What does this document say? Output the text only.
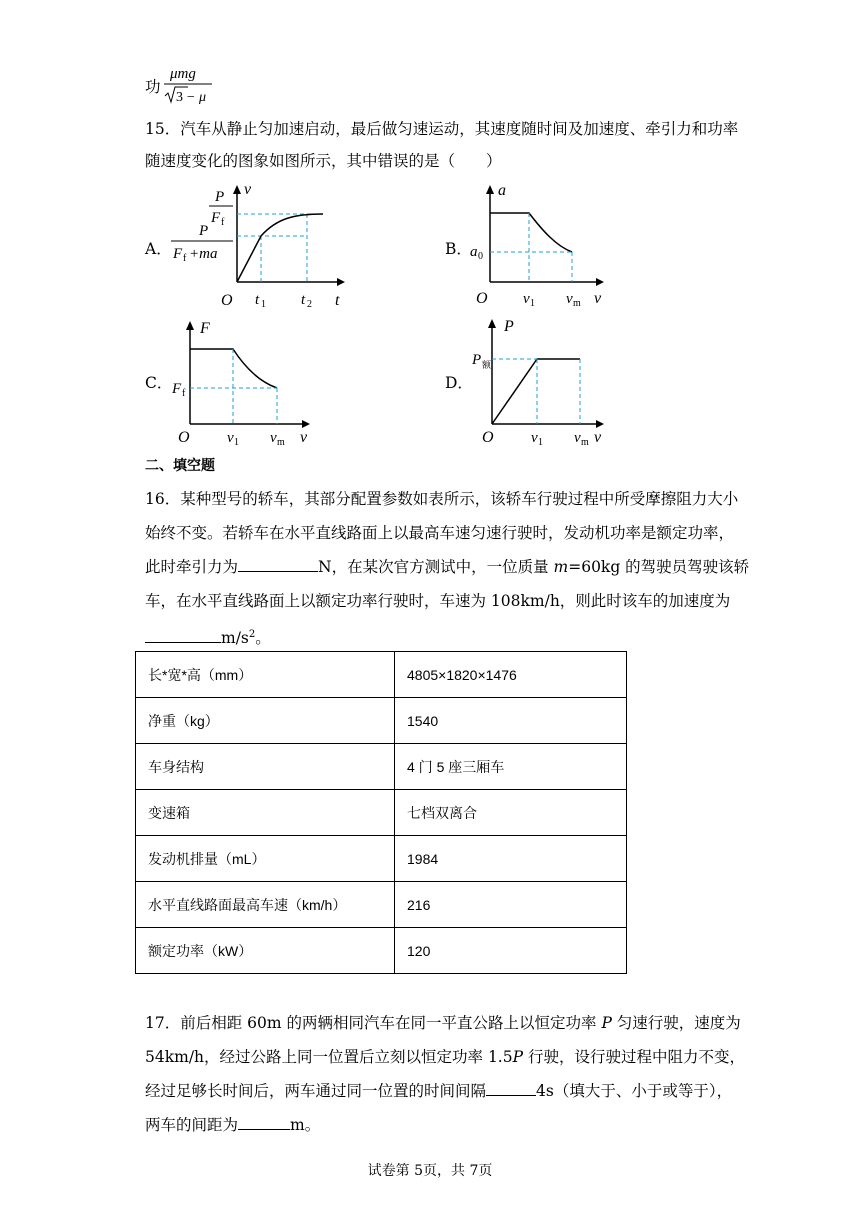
功
μmg
3 − μ
15．汽车从静止匀加速启动，最后做匀速运动，其速度随时间及加速度、牵引力和功率
随速度变化的图象如图所示，其中错误的是（　　）
A．
v
t
O
P
F f
P
F f +ma
t 1 t 2
B．
a
v
O
a 0
v 1 v m
C．
F
v
O
F f
v 1 v m
D．
P
v
O
P 额
v 1 v m
二、填空题
16．某种型号的轿车，其部分配置参数如表所示，该轿车行驶过程中所受摩擦阻力大小
始终不变。若轿车在水平直线路面上以最高车速匀速行驶时，发动机功率是额定功率，
此时牵引力为	N，在某次官方测试中，一位质量 m=60kg 的驾驶员驾驶该轿
车，在水平直线路面上以额定功率行驶时，车速为 108km/h，则此时该车的加速度为
$m/s^2$。
长*宽*高（mm）	4805×1820×1476
净重（kg）	1540
车身结构	4 门 5 座三厢车
变速箱	七档双离合
发动机排量（mL）	1984
水平直线路面最高车速（km/h）	216
额定功率（kW）	120
17．前后相距 60m 的两辆相同汽车在同一平直公路上以恒定功率 P 匀速行驶，速度为
54km/h，经过公路上同一位置后立刻以恒定功率 1.5P 行驶，设行驶过程中阻力不变，
经过足够长时间后，两车通过同一位置的时间间隔	4s（填大于、小于或等于），
两车的间距为	m。
试卷第 5页，共 7页
